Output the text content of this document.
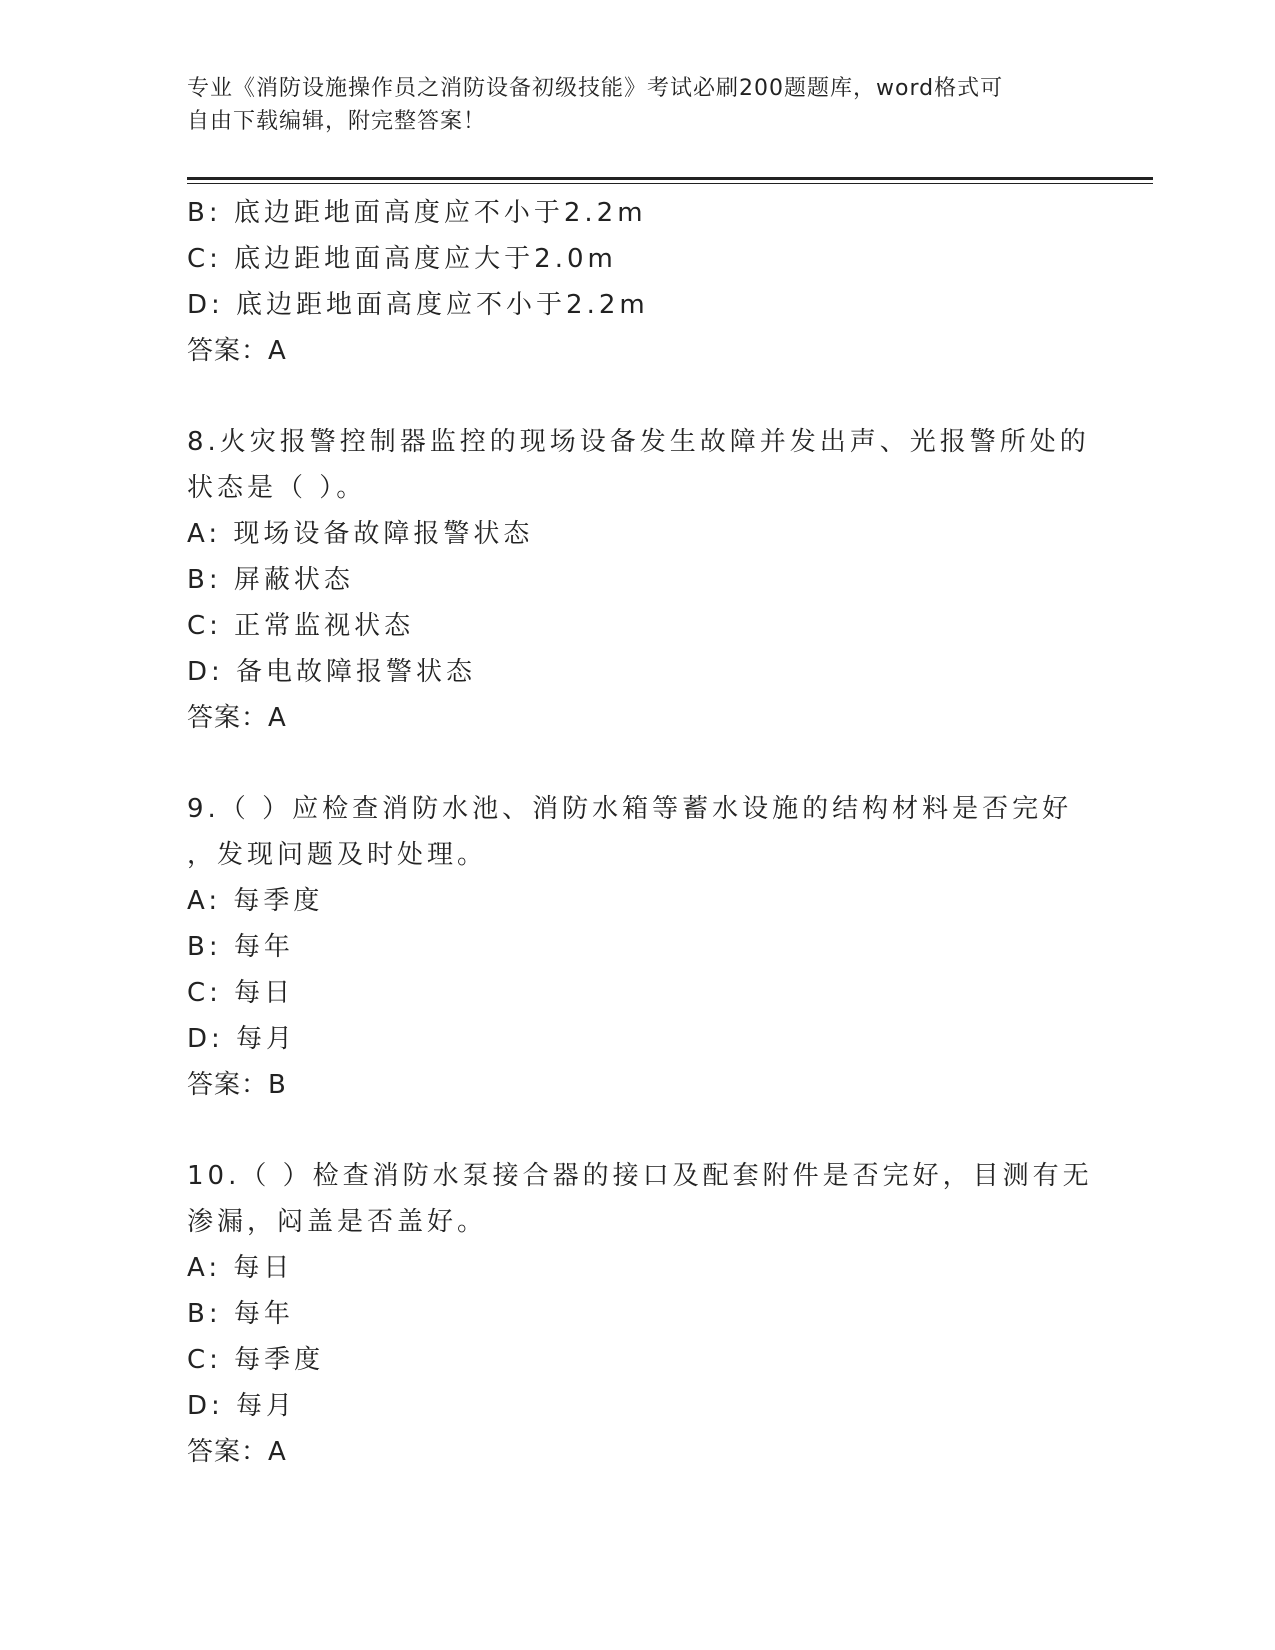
专业《消防设施操作员之消防设备初级技能》考试必刷200题题库，word格式可
自由下载编辑，附完整答案！
B: 底边距地面高度应不小于2.2m
C: 底边距地面高度应大于2.0m
D: 底边距地面高度应不小于2.2m
答案：A
8.火灾报警控制器监控的现场设备发生故障并发出声、光报警所处的
状态是（ ）。
A: 现场设备故障报警状态
B: 屏蔽状态
C: 正常监视状态
D: 备电故障报警状态
答案：A
9.（ ）应检查消防水池、消防水箱等蓄水设施的结构材料是否完好
，发现问题及时处理。
A: 每季度
B: 每年
C: 每日
D: 每月
答案：B
10.（ ）检查消防水泵接合器的接口及配套附件是否完好，目测有无
渗漏，闷盖是否盖好。
A: 每日
B: 每年
C: 每季度
D: 每月
答案：A
